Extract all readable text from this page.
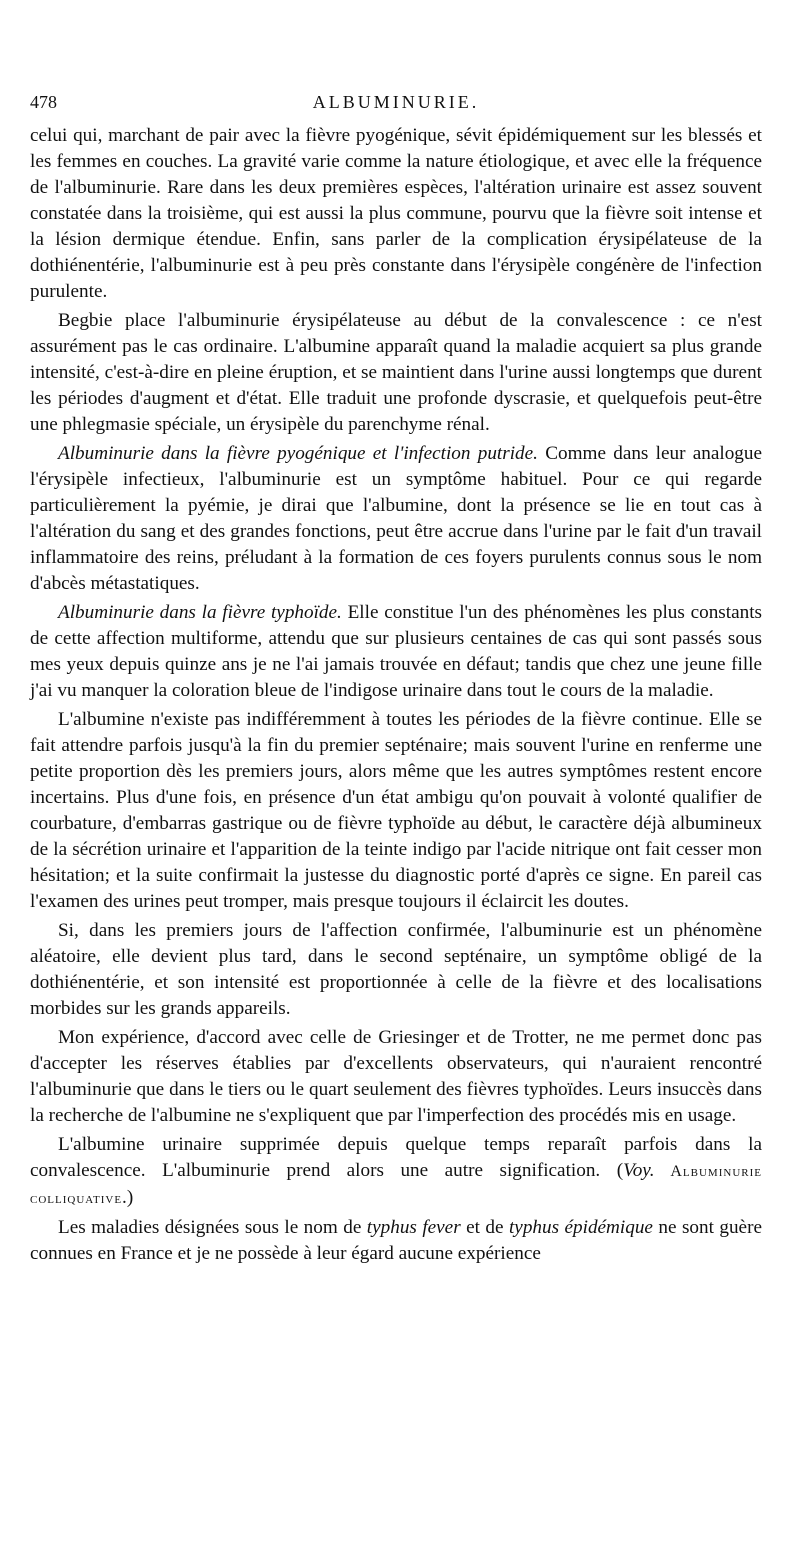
478	ALBUMINURIE.

celui qui, marchant de pair avec la fièvre pyogénique, sévit épidémiquement sur les blessés et les femmes en couches. La gravité varie comme la nature étiologique, et avec elle la fréquence de l'albuminurie. Rare dans les deux premières espèces, l'altération urinaire est assez souvent constatée dans la troisième, qui est aussi la plus commune, pourvu que la fièvre soit intense et la lésion dermique étendue. Enfin, sans parler de la complication érysipélateuse de la dothiénentérie, l'albuminurie est à peu près constante dans l'érysipèle congénère de l'infection purulente.

Begbie place l'albuminurie érysipélateuse au début de la convalescence : ce n'est assurément pas le cas ordinaire. L'albumine apparaît quand la maladie acquiert sa plus grande intensité, c'est-à-dire en pleine éruption, et se maintient dans l'urine aussi longtemps que durent les périodes d'augment et d'état. Elle traduit une profonde dyscrasie, et quelquefois peut-être une phlegmasie spéciale, un érysipèle du parenchyme rénal.

Albuminurie dans la fièvre pyogénique et l'infection putride. Comme dans leur analogue l'érysipèle infectieux, l'albuminurie est un symptôme habituel. Pour ce qui regarde particulièrement la pyémie, je dirai que l'albumine, dont la présence se lie en tout cas à l'altération du sang et des grandes fonctions, peut être accrue dans l'urine par le fait d'un travail inflammatoire des reins, préludant à la formation de ces foyers purulents connus sous le nom d'abcès métastatiques.

Albuminurie dans la fièvre typhoïde. Elle constitue l'un des phénomènes les plus constants de cette affection multiforme, attendu que sur plusieurs centaines de cas qui sont passés sous mes yeux depuis quinze ans je ne l'ai jamais trouvée en défaut; tandis que chez une jeune fille j'ai vu manquer la coloration bleue de l'indigose urinaire dans tout le cours de la maladie.

L'albumine n'existe pas indifféremment à toutes les périodes de la fièvre continue. Elle se fait attendre parfois jusqu'à la fin du premier septénaire; mais souvent l'urine en renferme une petite proportion dès les premiers jours, alors même que les autres symptômes restent encore incertains. Plus d'une fois, en présence d'un état ambigu qu'on pouvait à volonté qualifier de courbature, d'embarras gastrique ou de fièvre typhoïde au début, le caractère déjà albumineux de la sécrétion urinaire et l'apparition de la teinte indigo par l'acide nitrique ont fait cesser mon hésitation; et la suite confirmait la justesse du diagnostic porté d'après ce signe. En pareil cas l'examen des urines peut tromper, mais presque toujours il éclaircit les doutes.

Si, dans les premiers jours de l'affection confirmée, l'albuminurie est un phénomène aléatoire, elle devient plus tard, dans le second septénaire, un symptôme obligé de la dothiénentérie, et son intensité est proportionnée à celle de la fièvre et des localisations morbides sur les grands appareils.

Mon expérience, d'accord avec celle de Griesinger et de Trotter, ne me permet donc pas d'accepter les réserves établies par d'excellents observateurs, qui n'auraient rencontré l'albuminurie que dans le tiers ou le quart seulement des fièvres typhoïdes. Leurs insuccès dans la recherche de l'albumine ne s'expliquent que par l'imperfection des procédés mis en usage.

L'albumine urinaire supprimée depuis quelque temps reparaît parfois dans la convalescence. L'albuminurie prend alors une autre signification. (Voy. Albuminurie colliquative.)

Les maladies désignées sous le nom de typhus fever et de typhus épidémique ne sont guère connues en France et je ne possède à leur égard aucune expérience
